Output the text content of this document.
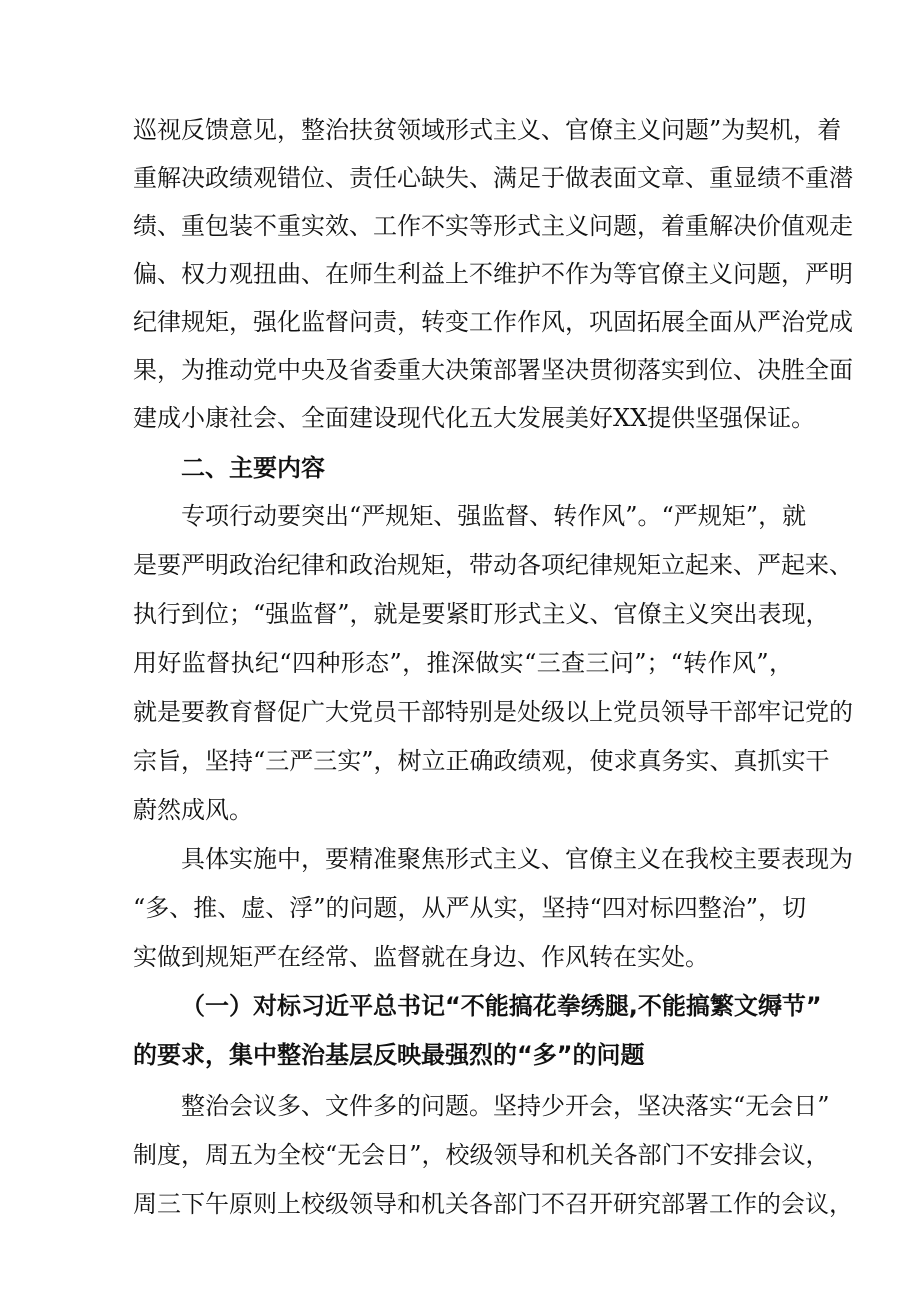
巡视反馈意见，整治扶贫领域形式主义、官僚主义问题”为契机，着
重解决政绩观错位、责任心缺失、满足于做表面文章、重显绩不重潜
绩、重包装不重实效、工作不实等形式主义问题，着重解决价值观走
偏、权力观扭曲、在师生利益上不维护不作为等官僚主义问题，严明
纪律规矩，强化监督问责，转变工作作风，巩固拓展全面从严治党成
果，为推动党中央及省委重大决策部署坚决贯彻落实到位、决胜全面
建成小康社会、全面建设现代化五大发展美好XX提供坚强保证。
二、主要内容
专项行动要突出“严规矩、强监督、转作风”。“严规矩”，就
是要严明政治纪律和政治规矩，带动各项纪律规矩立起来、严起来、
执行到位；“强监督”，就是要紧盯形式主义、官僚主义突出表现，
用好监督执纪“四种形态”，推深做实“三查三问”；“转作风”，
就是要教育督促广大党员干部特别是处级以上党员领导干部牢记党的
宗旨，坚持“三严三实”，树立正确政绩观，使求真务实、真抓实干
蔚然成风。
具体实施中，要精准聚焦形式主义、官僚主义在我校主要表现为
“多、推、虚、浮”的问题，从严从实，坚持“四对标四整治”，切
实做到规矩严在经常、监督就在身边、作风转在实处。
（一）对标习近平总书记“不能搞花拳绣腿,不能搞繁文缛节”
的要求，集中整治基层反映最强烈的“多”的问题
整治会议多、文件多的问题。坚持少开会，坚决落实“无会日”
制度，周五为全校“无会日”，校级领导和机关各部门不安排会议，
周三下午原则上校级领导和机关各部门不召开研究部署工作的会议，
